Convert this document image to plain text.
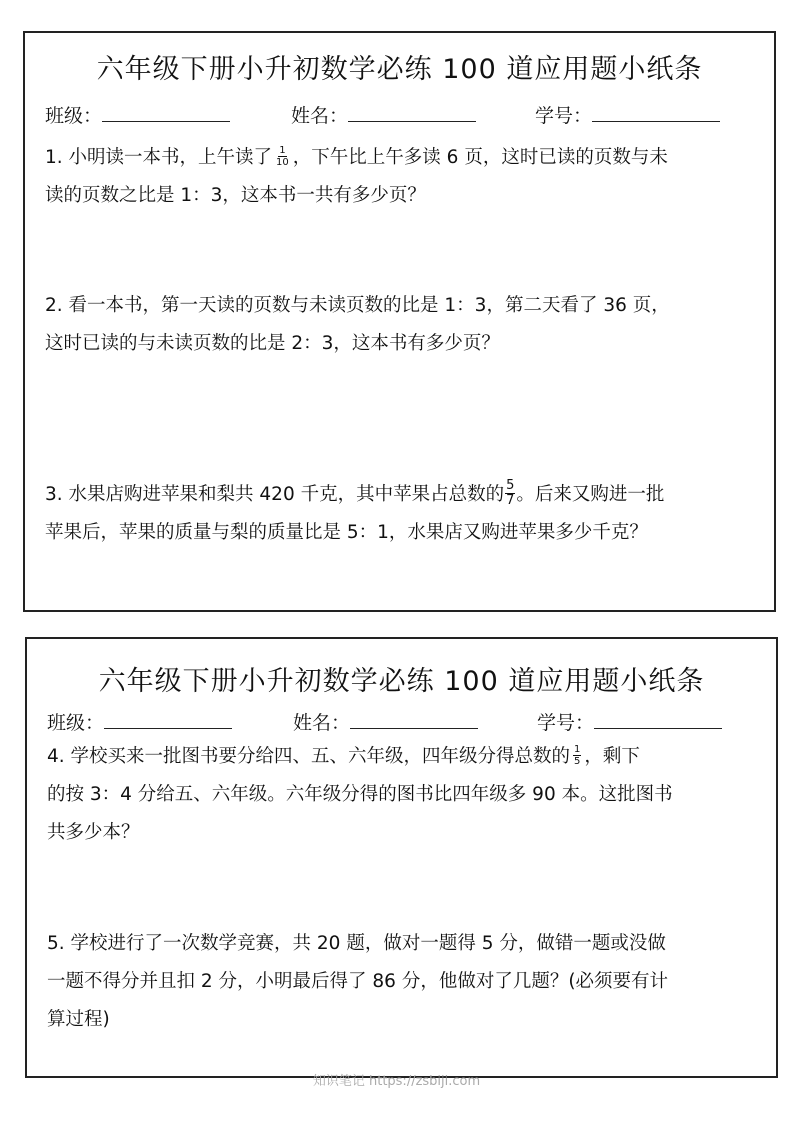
六年级下册小升初数学必练 100 道应用题小纸条
班级：	姓名：	学号：
1. 小明读一本书，上午读了 $\frac{1}{10}$ ，下午比上午多读 6 页，这时已读的页数与未
读的页数之比是 1：3，这本书一共有多少页？
2. 看一本书，第一天读的页数与未读页数的比是 1：3，第二天看了 36 页，
这时已读的与未读页数的比是 2：3，这本书有多少页？
3. 水果店购进苹果和梨共 420 千克，其中苹果占总数的 $\frac{5}{7}$ 。后来又购进一批
苹果后，苹果的质量与梨的质量比是 5：1，水果店又购进苹果多少千克？
六年级下册小升初数学必练 100 道应用题小纸条
班级：	姓名：	学号：
4. 学校买来一批图书要分给四、五、六年级，四年级分得总数的 $\frac{1}{5}$ ，剩下
的按 3：4 分给五、六年级。六年级分得的图书比四年级多 90 本。这批图书
共多少本？
5. 学校进行了一次数学竞赛，共 20 题，做对一题得 5 分，做错一题或没做
一题不得分并且扣 2 分，小明最后得了 86 分，他做对了几题？(必须要有计
算过程)
知识笔记 https://zsbiji.com
